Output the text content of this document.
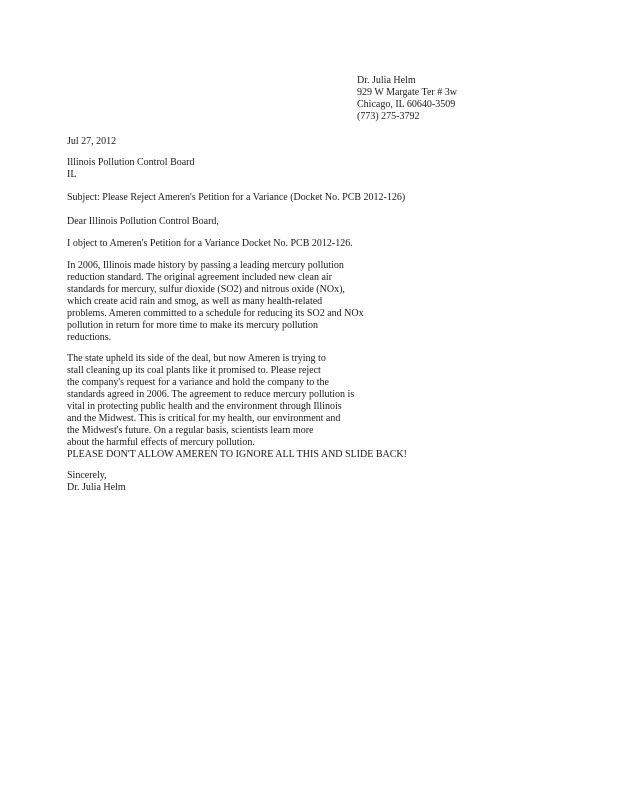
Dr. Julia Helm
929 W Margate Ter # 3w
Chicago, IL 60640-3509
(773) 275-3792
Jul 27, 2012
Illinois Pollution Control Board
IL
Subject: Please Reject Ameren's Petition for a Variance (Docket No. PCB 2012-126)
Dear Illinois Pollution Control Board,
I object to Ameren's Petition for a Variance Docket No. PCB 2012-126.
In 2006, Illinois made history by passing a leading mercury pollution
reduction standard. The original agreement included new clean air
standards for mercury, sulfur dioxide (SO2) and nitrous oxide (NOx),
which create acid rain and smog, as well as many health-related
problems. Ameren committed to a schedule for reducing its SO2 and NOx
pollution in return for more time to make its mercury pollution
reductions.
The state upheld its side of the deal, but now Ameren is trying to
stall cleaning up its coal plants like it promised to. Please reject
the company's request for a variance and hold the company to the
standards agreed in 2006. The agreement to reduce mercury pollution is
vital in protecting public health and the environment through Illinois
and the Midwest. This is critical for my health, our environment and
the Midwest's future. On a regular basis, scientists learn more
about the harmful effects of mercury pollution.
PLEASE DON'T ALLOW AMEREN TO IGNORE ALL THIS AND SLIDE BACK!
Sincerely,
Dr. Julia Helm
